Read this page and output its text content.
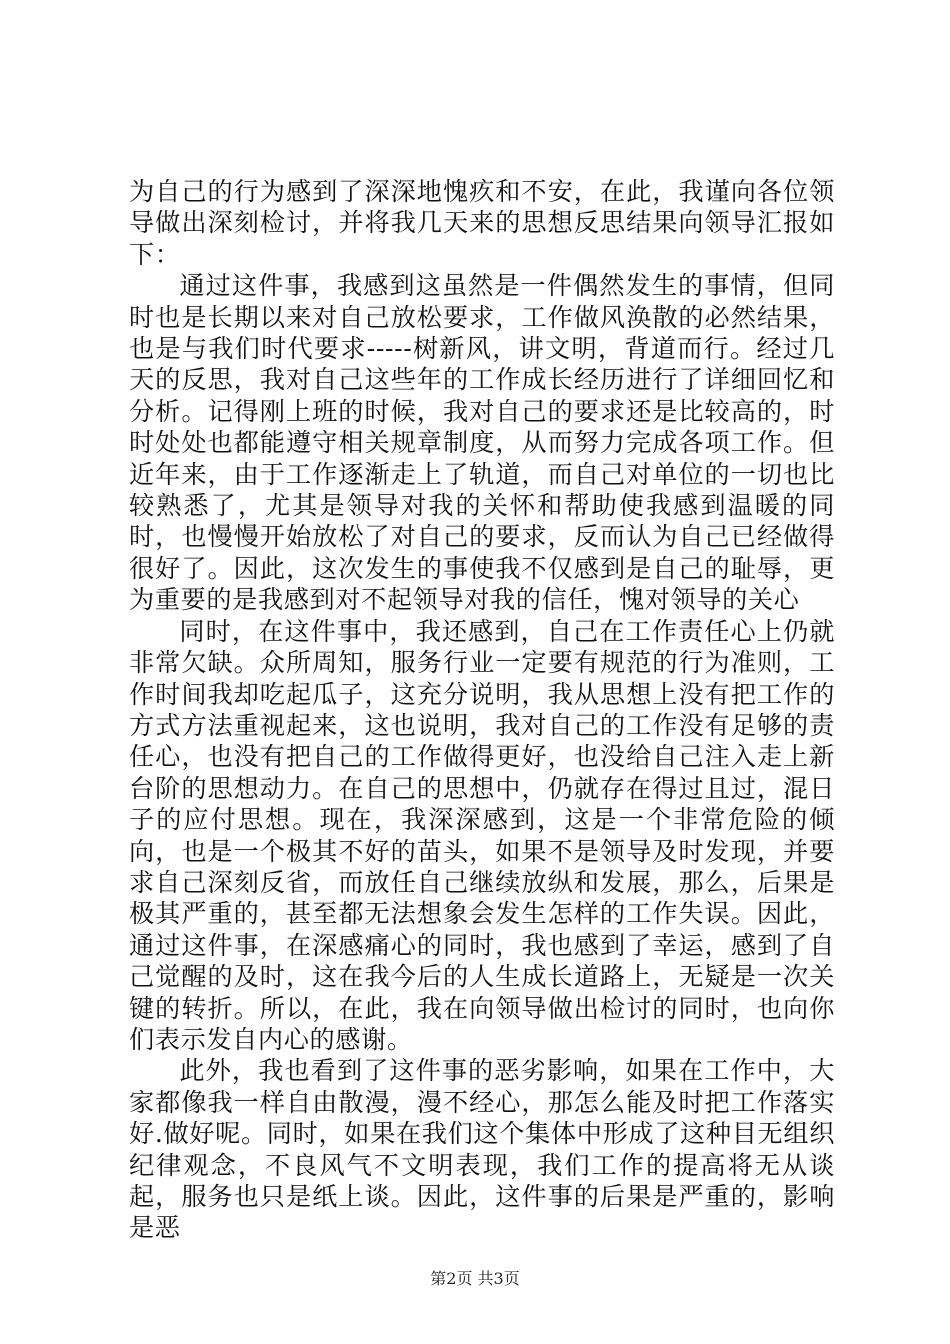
为自己的行为感到了深深地愧疚和不安，在此，我谨向各位领导做出深刻检讨，并将我几天来的思想反思结果向领导汇报如下：

通过这件事，我感到这虽然是一件偶然发生的事情，但同时也是长期以来对自己放松要求，工作做风涣散的必然结果，也是与我们时代要求-----树新风，讲文明，背道而行。经过几天的反思，我对自己这些年的工作成长经历进行了详细回忆和分析。记得刚上班的时候，我对自己的要求还是比较高的，时时处处也都能遵守相关规章制度，从而努力完成各项工作。但近年来，由于工作逐渐走上了轨道，而自己对单位的一切也比较熟悉了，尤其是领导对我的关怀和帮助使我感到温暖的同时，也慢慢开始放松了对自己的要求，反而认为自己已经做得很好了。因此，这次发生的事使我不仅感到是自己的耻辱，更为重要的是我感到对不起领导对我的信任，愧对领导的关心

同时，在这件事中，我还感到，自己在工作责任心上仍就非常欠缺。众所周知，服务行业一定要有规范的行为准则，工作时间我却吃起瓜子，这充分说明，我从思想上没有把工作的方式方法重视起来，这也说明，我对自己的工作没有足够的责任心，也没有把自己的工作做得更好，也没给自己注入走上新台阶的思想动力。在自己的思想中，仍就存在得过且过，混日子的应付思想。现在，我深深感到，这是一个非常危险的倾向，也是一个极其不好的苗头，如果不是领导及时发现，并要求自己深刻反省，而放任自己继续放纵和发展，那么，后果是极其严重的，甚至都无法想象会发生怎样的工作失误。因此，通过这件事，在深感痛心的同时，我也感到了幸运，感到了自己觉醒的及时，这在我今后的人生成长道路上，无疑是一次关键的转折。所以，在此，我在向领导做出检讨的同时，也向你们表示发自内心的感谢。

此外，我也看到了这件事的恶劣影响，如果在工作中，大家都像我一样自由散漫，漫不经心，那怎么能及时把工作落实好.做好呢。同时，如果在我们这个集体中形成了这种目无组织纪律观念，不良风气不文明表现，我们工作的提高将无从谈起，服务也只是纸上谈。因此，这件事的后果是严重的，影响是恶

第2页 共3页
